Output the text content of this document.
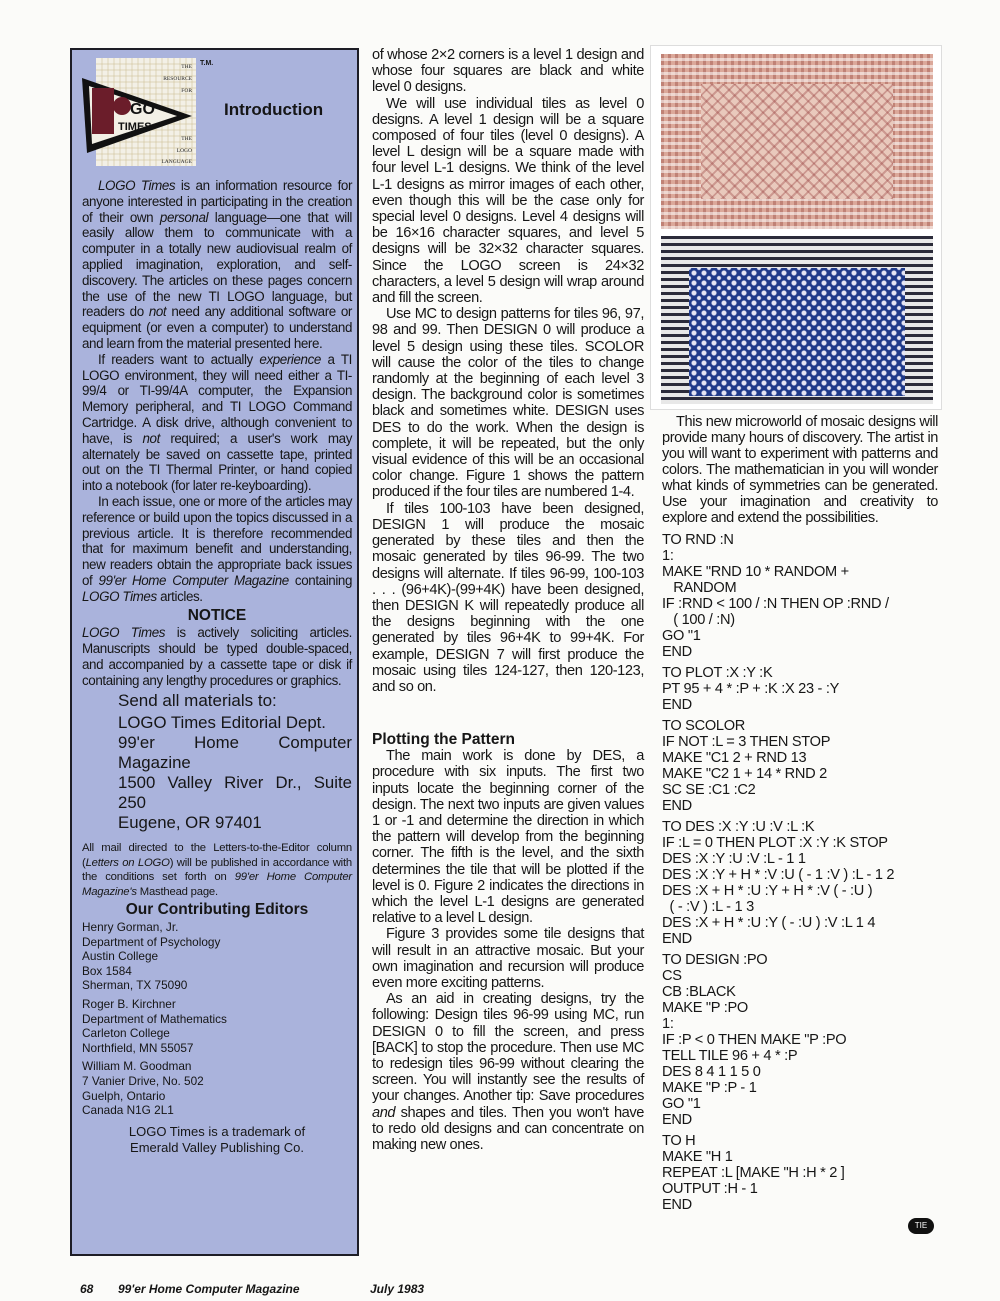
GO
TIMES
THE
RESOURCE
FOR
THE
LOGO
LANGUAGE
T.M.
Introduction

LOGO Times is an information resource for anyone interested in participating in the creation of their own personal language—one that will easily allow them to communicate with a computer in a totally new audiovisual realm of applied imagination, exploration, and self-discovery. The articles on these pages concern the use of the new TI LOGO language, but readers do not need any additional software or equipment (or even a computer) to understand and learn from the material presented here.

If readers want to actually experience a TI LOGO environment, they will need either a TI-99/4 or TI-99/4A computer, the Expansion Memory peripheral, and TI LOGO Command Cartridge. A disk drive, although convenient to have, is not required; a user's work may alternately be saved on cassette tape, printed out on the TI Thermal Printer, or hand copied into a notebook (for later re-keyboarding).

In each issue, one or more of the articles may reference or build upon the topics discussed in a previous article. It is therefore recommended that for maximum benefit and understanding, new readers obtain the appropriate back issues of 99'er Home Computer Magazine containing LOGO Times articles.

NOTICE

LOGO Times is actively soliciting articles. Manuscripts should be typed double-spaced, and accompanied by a cassette tape or disk if containing any lengthy procedures or graphics.

Send all materials to:

LOGO Times Editorial Dept.

99'er Home Computer Magazine

1500 Valley River Dr., Suite 250

Eugene, OR 97401

All mail directed to the Letters-to-the-Editor column (Letters on LOGO) will be published in accordance with the conditions set forth on 99'er Home Computer Magazine's Masthead page.

Our Contributing Editors

Henry Gorman, Jr.
Department of Psychology
Austin College
Box 1584
Sherman, TX 75090

Roger B. Kirchner
Department of Mathematics
Carleton College
Northfield, MN 55057

William M. Goodman
7 Vanier Drive, No. 502
Guelph, Ontario
Canada N1G 2L1

LOGO Times is a trademark of
Emerald Valley Publishing Co.

of whose 2×2 corners is a level 1 design and whose four squares are black and white level 0 designs.

We will use individual tiles as level 0 designs. A level 1 design will be a square composed of four tiles (level 0 designs). A level L design will be a square made with four level L-1 designs. We think of the level L-1 designs as mirror images of each other, even though this will be the case only for special level 0 designs. Level 4 designs will be 16×16 character squares, and level 5 designs will be 32×32 character squares. Since the LOGO screen is 24×32 characters, a level 5 design will wrap around and fill the screen.

Use MC to design patterns for tiles 96, 97, 98 and 99. Then DESIGN 0 will produce a level 5 design using these tiles. SCOLOR will cause the color of the tiles to change randomly at the beginning of each level 3 design. The background color is sometimes black and sometimes white. DESIGN uses DES to do the work. When the design is complete, it will be repeated, but the only visual evidence of this will be an occasional color change. Figure 1 shows the pattern produced if the four tiles are numbered 1-4.

If tiles 100-103 have been designed, DESIGN 1 will produce the mosaic generated by these tiles and then the mosaic generated by tiles 96-99. The two designs will alternate. If tiles 96-99, 100-103 . . . (96+4K)-(99+4K) have been designed, then DESIGN K will repeatedly produce all the designs beginning with the one generated by tiles 96+4K to 99+4K. For example, DESIGN 7 will first produce the mosaic using tiles 124-127, then 120-123, and so on.

Plotting the Pattern

The main work is done by DES, a procedure with six inputs. The first two inputs locate the beginning corner of the design. The next two inputs are given values 1 or -1 and determine the direction in which the pattern will develop from the beginning corner. The fifth is the level, and the sixth determines the tile that will be plotted if the level is 0. Figure 2 indicates the directions in which the level L-1 designs are generated relative to a level L design.

Figure 3 provides some tile designs that will result in an attractive mosaic. But your own imagination and recursion will produce even more exciting patterns.

As an aid in creating designs, try the following: Design tiles 96-99 using MC, run DESIGN 0 to fill the screen, and press [BACK] to stop the procedure. Then use MC to redesign tiles 96-99 without clearing the screen. You will instantly see the results of your changes. Another tip: Save procedures and shapes and tiles. Then you won't have to redo old designs and can concentrate on making new ones.

This new microworld of mosaic designs will provide many hours of discovery. The artist in you will want to experiment with patterns and colors. The mathematician in you will wonder what kinds of symmetries can be generated. Use your imagination and creativity to explore and extend the possibilities.

TO RND :N
1:
MAKE "RND 10 * RANDOM +
RANDOM
IF :RND < 100 / :N THEN OP :RND /
( 100 / :N)
GO "1
END
TO PLOT :X :Y :K
PT 95 + 4 * :P + :K :X 23 - :Y
END
TO SCOLOR
IF NOT :L = 3 THEN STOP
MAKE "C1 2 + RND 13
MAKE "C2 1 + 14 * RND 2
SC SE :C1 :C2
END
TO DES :X :Y :U :V :L :K
IF :L = 0 THEN PLOT :X :Y :K STOP
DES :X :Y :U :V :L - 1 1
DES :X :Y + H * :V :U ( - 1 :V ) :L - 1 2
DES :X + H * :U :Y + H * :V ( - :U )
( - :V ) :L - 1 3
DES :X + H * :U :Y ( - :U ) :V :L 1 4
END
TO DESIGN :PO
CS
CB :BLACK
MAKE "P :PO
1:
IF :P < 0 THEN MAKE "P :PO
TELL TILE 96 + 4 * :P
DES 8 4 1 1 5 0
MAKE "P :P - 1
GO "1
END
TO H
MAKE "H 1
REPEAT :L [MAKE "H :H * 2 ]
OUTPUT :H - 1
END
TIE
68 99'er Home Computer Magazine	July 1983
